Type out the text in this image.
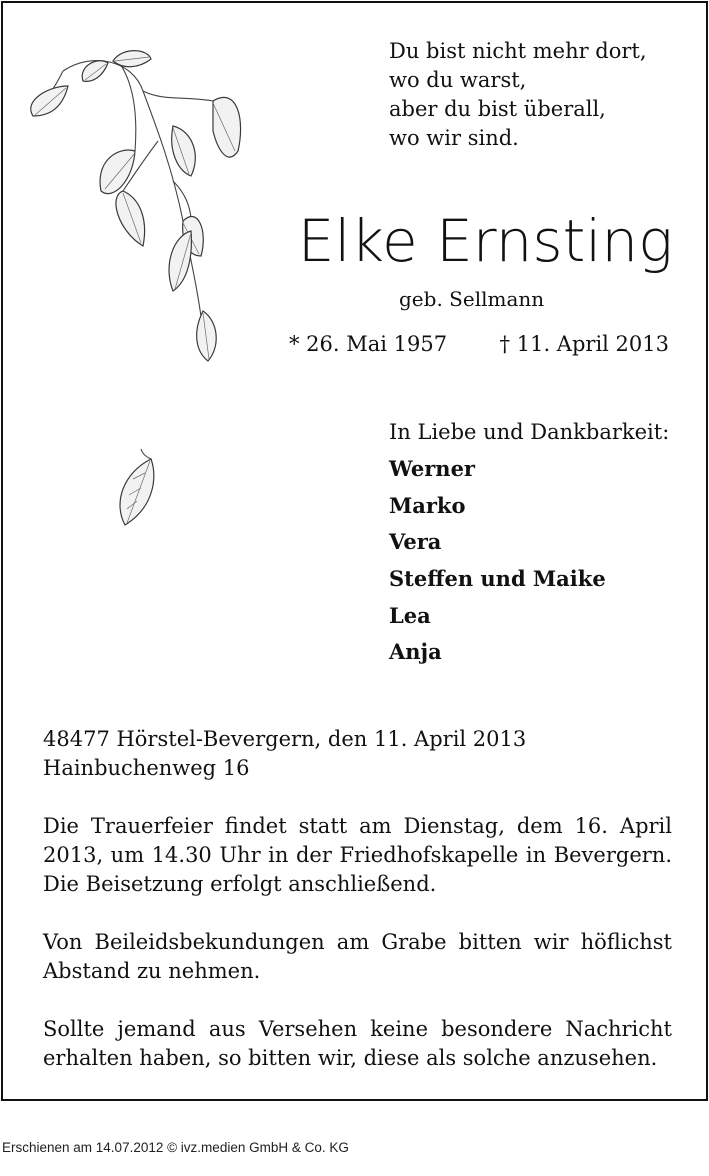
Du bist nicht mehr dort,
wo du warst,
aber du bist überall,
wo wir sind.
Elke Ernsting
geb. Sellmann
* 26. Mai 1957 † 11. April 2013
In Liebe und Dankbarkeit:
Werner
Marko
Vera
Steffen und Maike
Lea
Anja
48477 Hörstel-Bevergern, den 11. April 2013
Hainbuchenweg 16
Die Trauerfeier findet statt am Dienstag, dem 16. April 2013, um 14.30 Uhr in der Friedhofskapelle in Bevergern. Die Beisetzung erfolgt anschließend.
Von Beileidsbekundungen am Grabe bitten wir höflichst Abstand zu nehmen.
Sollte jemand aus Versehen keine besondere Nachricht erhalten haben, so bitten wir, diese als solche anzusehen.
Erschienen am 14.07.2012 © ivz.medien GmbH & Co. KG
